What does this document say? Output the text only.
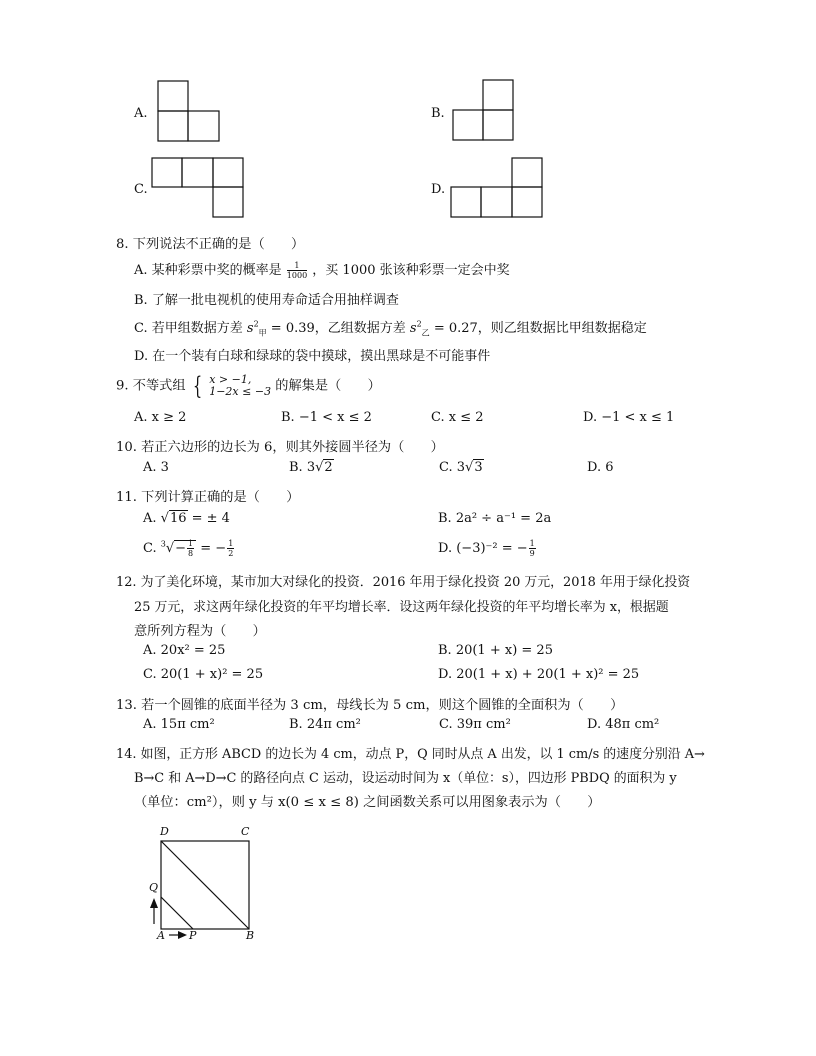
A.	B.
C.	D.
8. 下列说法不正确的是（　　）
A. 某种彩票中奖的概率是 $\frac{1}{1000}$ ，买 1000 张该种彩票一定会中奖
B. 了解一批电视机的使用寿命适合用抽样调查
C. 若甲组数据方差 $s^2_甲 = 0.39$，乙组数据方差 $s^2_乙 = 0.27$，则乙组数据比甲组数据稳定
D. 在一个装有白球和绿球的袋中摸球，摸出黑球是不可能事件
9. 不等式组 { x > −1,
1−2x ≤ −3 的解集是（　　）
A. x ≥ 2	B. −1 < x ≤ 2	C. x ≤ 2	D. −1 < x ≤ 1
10. 若正六边形的边长为 6，则其外接圆半径为（　　）
A. 3	B. 3√2	C. 3√3	D. 6
11. 下列计算正确的是（　　）
A. √16 = ± 4	B. 2a² ÷ a⁻¹ = 2a
C. $^3√- \frac{1}{8}$ = − $\frac{1}{2}$	D. (−3)⁻² = − $\frac{1}{9}$
12. 为了美化环境，某市加大对绿化的投资．2016 年用于绿化投资 20 万元，2018 年用于绿化投资
25 万元，求这两年绿化投资的年平均增长率．设这两年绿化投资的年平均增长率为 x，根据题
意所列方程为（　　）
A. 20x² = 25	B. 20(1 + x) = 25
C. 20(1 + x)² = 25	D. 20(1 + x) + 20(1 + x)² = 25
13. 若一个圆锥的底面半径为 3 cm，母线长为 5 cm，则这个圆锥的全面积为（　　）
A. 15π cm²	B. 24π cm²	C. 39π cm²	D. 48π cm²
14. 如图，正方形 ABCD 的边长为 4 cm，动点 P，Q 同时从点 A 出发，以 1 cm/s 的速度分别沿 A→
B→C 和 A→D→C 的路径向点 C 运动，设运动时间为 x（单位：s），四边形 PBDQ 的面积为 y
（单位：cm²），则 y 与 x(0 ≤ x ≤ 8) 之间函数关系可以用图象表示为（　　）
D	C
Q
A P	B
